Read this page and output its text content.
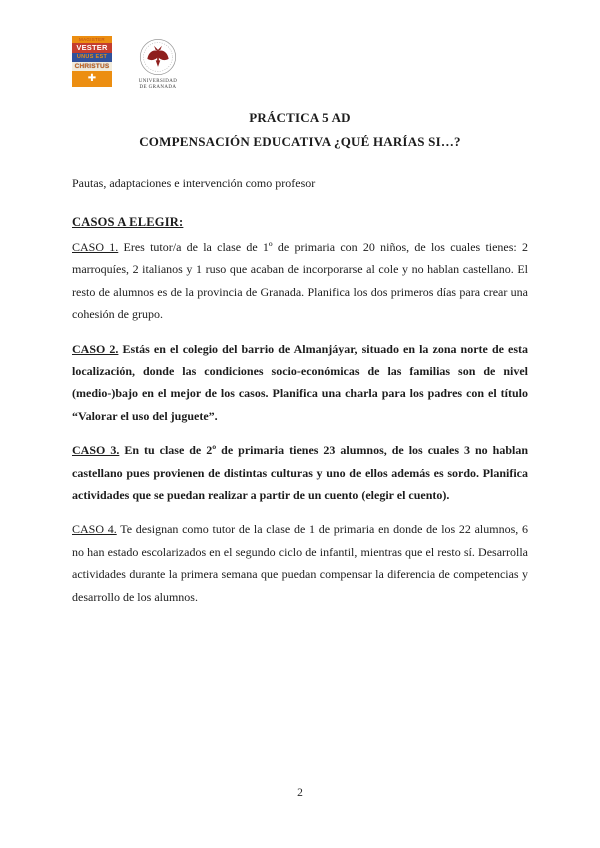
MAGISTER
VESTER
UNUS EST
CHRISTUS
✚	UNIVERSIDAD
DE GRANADA
PRÁCTICA 5 AD
COMPENSACIÓN EDUCATIVA ¿QUÉ HARÍAS SI…?
Pautas, adaptaciones e intervención como profesor
CASOS A ELEGIR:

CASO 1. Eres tutor/a de la clase de 1º de primaria con 20 niños, de los cuales tienes: 2 marroquíes, 2 italianos y 1 ruso que acaban de incorporarse al cole y no hablan castellano. El resto de alumnos es de la provincia de Granada. Planifica los dos primeros días para crear una cohesión de grupo.

CASO 2. Estás en el colegio del barrio de Almanjáyar, situado en la zona norte de esta localización, donde las condiciones socio-económicas de las familias son de nivel (medio-)bajo en el mejor de los casos. Planifica una charla para los padres con el título “Valorar el uso del juguete”.

CASO 3. En tu clase de 2º de primaria tienes 23 alumnos, de los cuales 3 no hablan castellano pues provienen de distintas culturas y uno de ellos además es sordo. Planifica actividades que se puedan realizar a partir de un cuento (elegir el cuento).

CASO 4. Te designan como tutor de la clase de 1 de primaria en donde de los 22 alumnos, 6 no han estado escolarizados en el segundo ciclo de infantil, mientras que el resto sí. Desarrolla actividades durante la primera semana que puedan compensar la diferencia de competencias y desarrollo de los alumnos.

2
